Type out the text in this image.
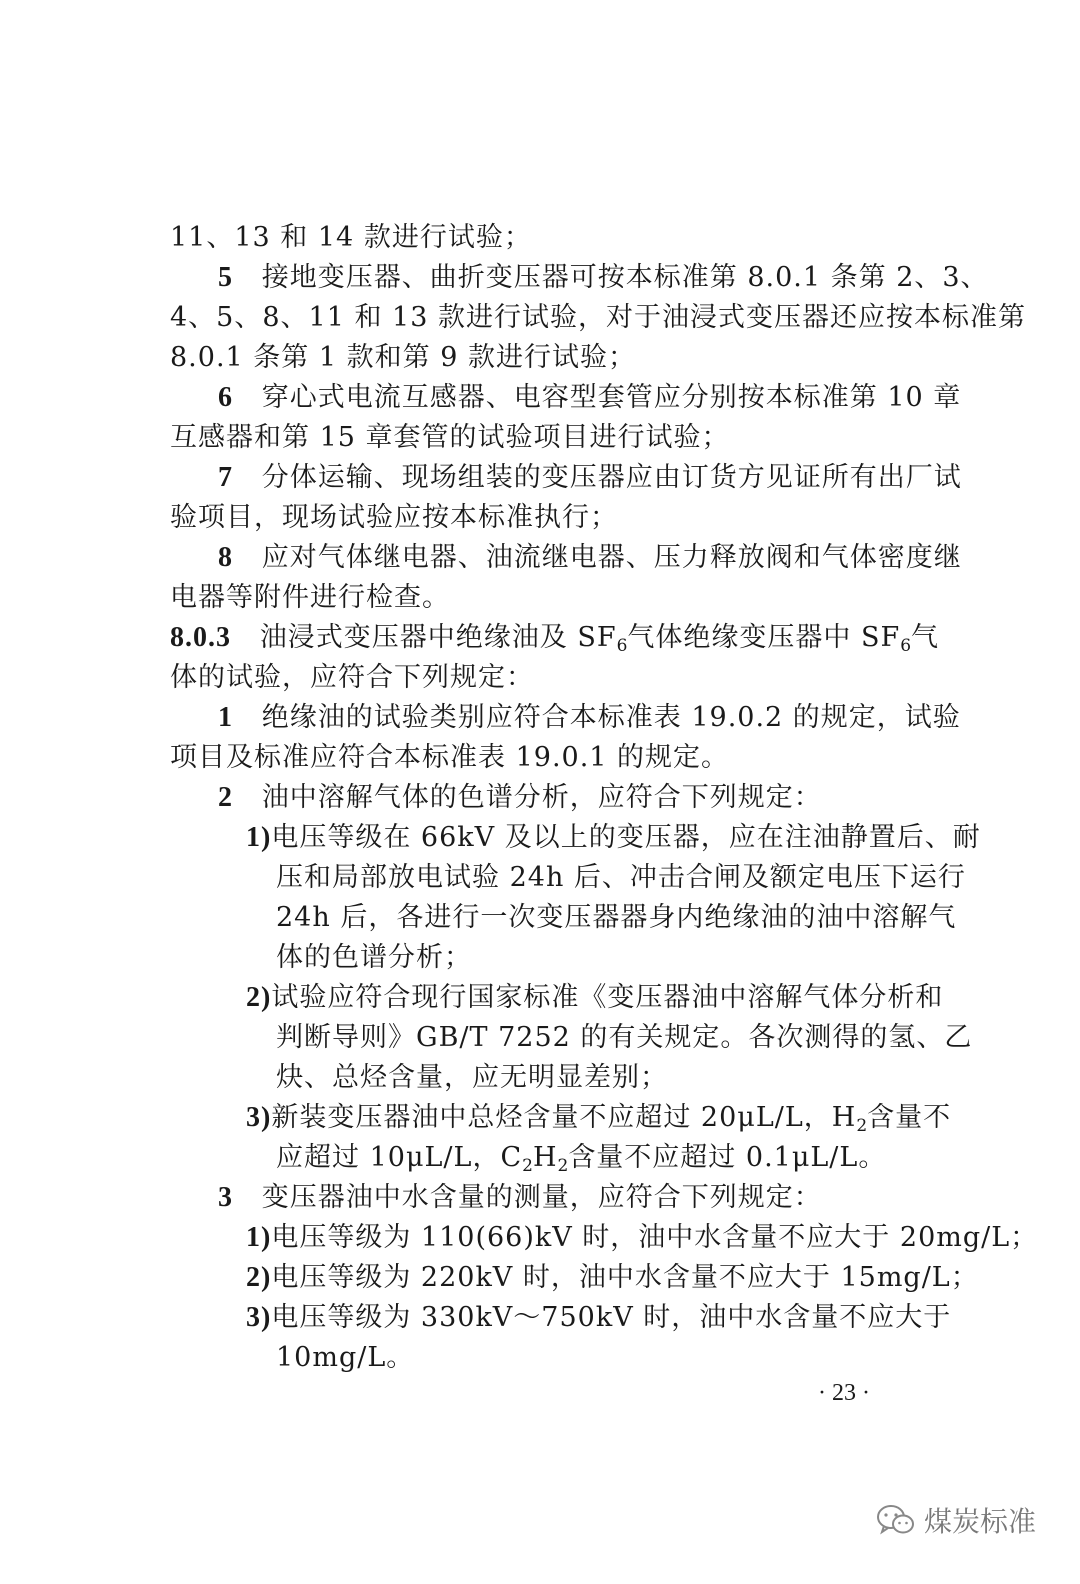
11、13 和 14 款进行试验；
5 接地变压器、曲折变压器可按本标准第 8.0.1 条第 2、3、
4、5、8、11 和 13 款进行试验，对于油浸式变压器还应按本标准第
8.0.1 条第 1 款和第 9 款进行试验；
6 穿心式电流互感器、电容型套管应分别按本标准第 10 章
互感器和第 15 章套管的试验项目进行试验；
7 分体运输、现场组装的变压器应由订货方见证所有出厂试
验项目，现场试验应按本标准执行；
8 应对气体继电器、油流继电器、压力释放阀和气体密度继
电器等附件进行检查。
8.0.3 油浸式变压器中绝缘油及 $SF_6$气体绝缘变压器中 $SF_6$气
体的试验，应符合下列规定：
1 绝缘油的试验类别应符合本标准表 19.0.2 的规定，试验
项目及标准应符合本标准表 19.0.1 的规定。
2 油中溶解气体的色谱分析，应符合下列规定：
1)电压等级在 66kV 及以上的变压器，应在注油静置后、耐
压和局部放电试验 24h 后、冲击合闸及额定电压下运行
24h 后，各进行一次变压器器身内绝缘油的油中溶解气
体的色谱分析；
2)试验应符合现行国家标准《变压器油中溶解气体分析和
判断导则》GB/T 7252 的有关规定。各次测得的氢、乙
炔、总烃含量，应无明显差别；
3)新装变压器油中总烃含量不应超过 20μL/L，$H_2$含量不
应超过 10μL/L，$C_2H_2$含量不应超过 0.1μL/L。
3 变压器油中水含量的测量，应符合下列规定：
1)电压等级为 110(66)kV 时，油中水含量不应大于 20mg/L；
2)电压等级为 220kV 时，油中水含量不应大于 15mg/L；
3)电压等级为 330kV～750kV 时，油中水含量不应大于
10mg/L。
· 23 ·
煤炭标准
